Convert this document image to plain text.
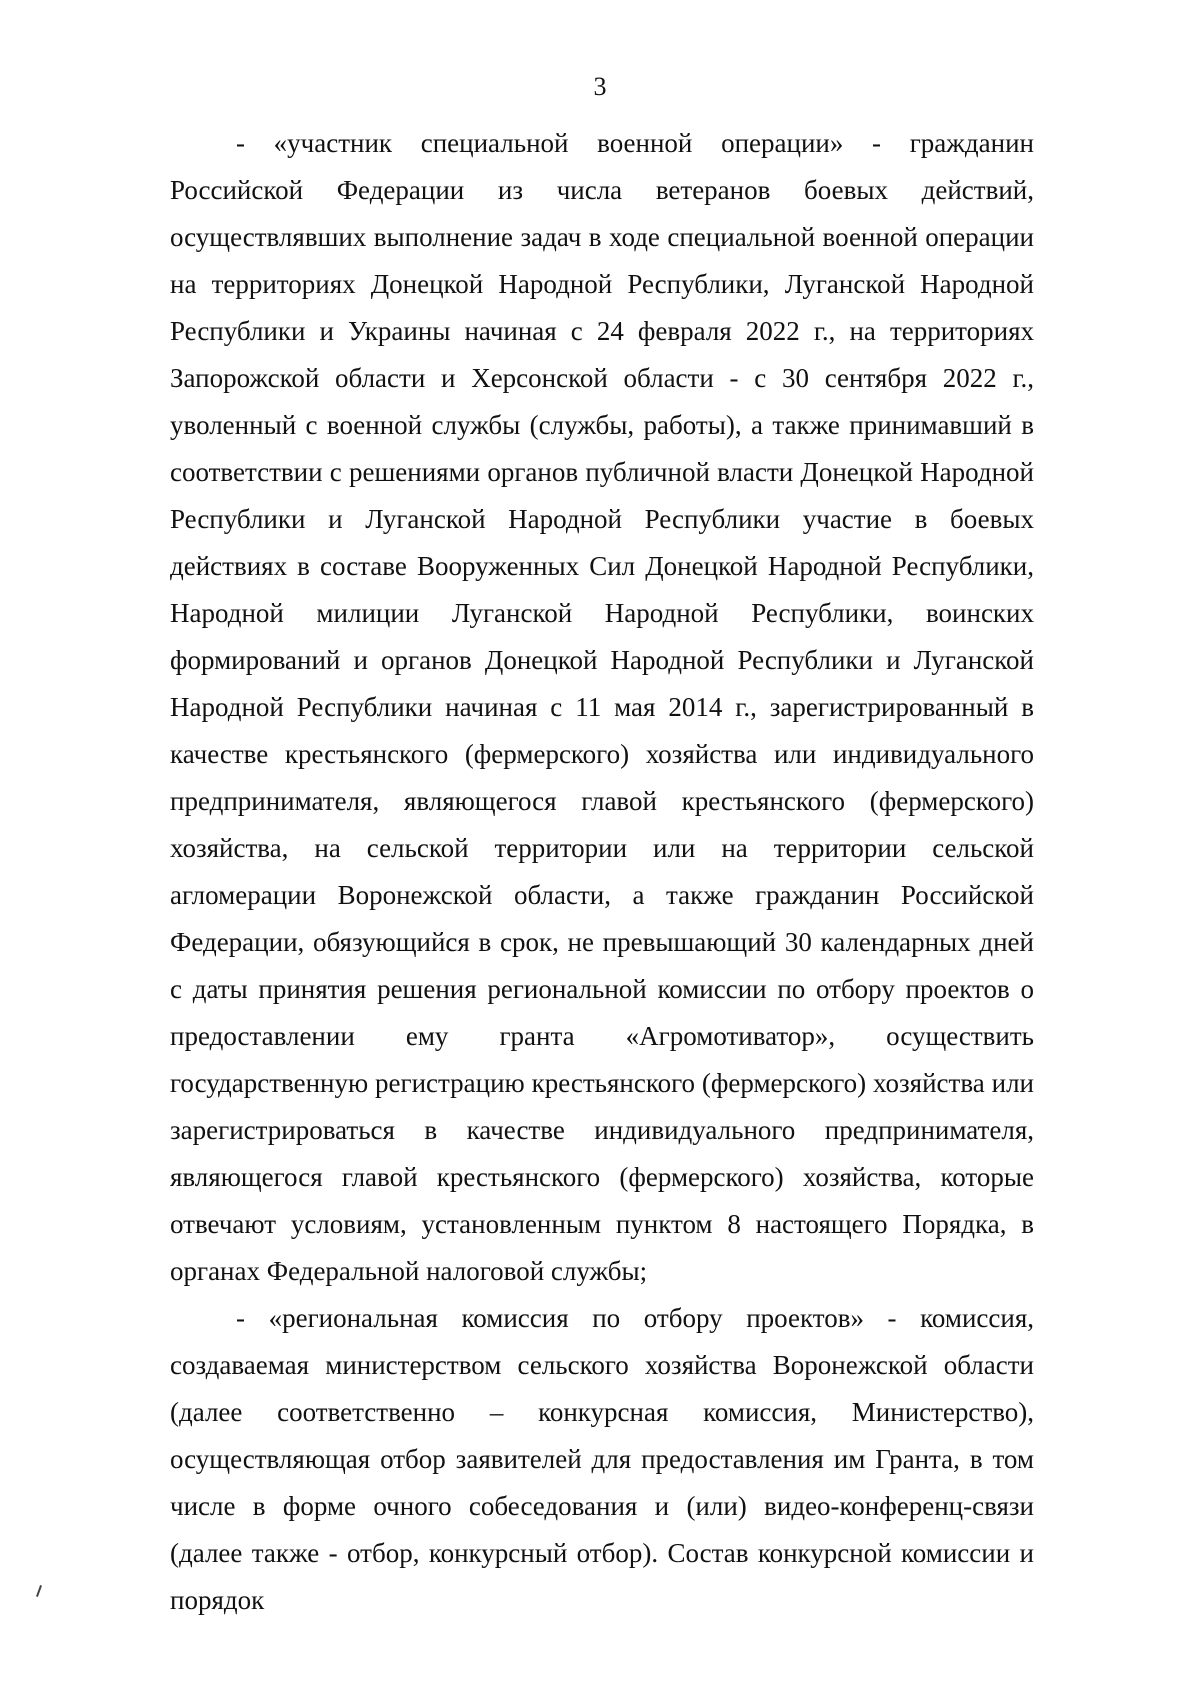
3

- «участник специальной военной операции» - гражданин Российской Федерации из числа ветеранов боевых действий, осуществлявших выполнение задач в ходе специальной военной операции на территориях Донецкой Народной Республики, Луганской Народной Республики и Украины начиная с 24 февраля 2022 г., на территориях Запорожской области и Херсонской области - с 30 сентября 2022 г., уволенный с военной службы (службы, работы), а также принимавший в соответствии с решениями органов публичной власти Донецкой Народной Республики и Луганской Народной Республики участие в боевых действиях в составе Вооруженных Сил Донецкой Народной Республики, Народной милиции Луганской Народной Республики, воинских формирований и органов Донецкой Народной Республики и Луганской Народной Республики начиная с 11 мая 2014 г., зарегистрированный в качестве крестьянского (фермерского) хозяйства или индивидуального предпринимателя, являющегося главой крестьянского (фермерского) хозяйства, на сельской территории или на территории сельской агломерации Воронежской области, а также гражданин Российской Федерации, обязующийся в срок, не превышающий 30 календарных дней с даты принятия решения региональной комиссии по отбору проектов о предоставлении ему гранта «Агромотиватор», осуществить государственную регистрацию крестьянского (фермерского) хозяйства или зарегистрироваться в качестве индивидуального предпринимателя, являющегося главой крестьянского (фермерского) хозяйства, которые отвечают условиям, установленным пунктом 8 настоящего Порядка, в органах Федеральной налоговой службы;

- «региональная комиссия по отбору проектов» - комиссия, создаваемая министерством сельского хозяйства Воронежской области (далее соответственно – конкурсная комиссия, Министерство), осуществляющая отбор заявителей для предоставления им Гранта, в том числе в форме очного собеседования и (или) видео-конференц-связи (далее также - отбор, конкурсный отбор). Состав конкурсной комиссии и порядок
